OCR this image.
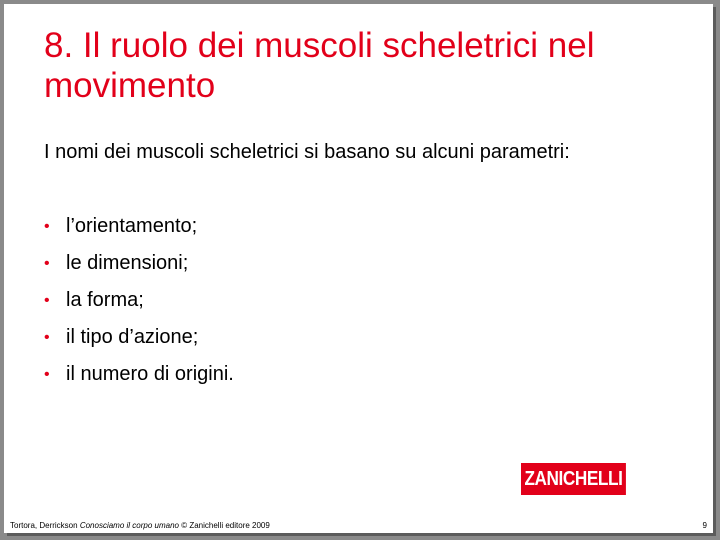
8. Il ruolo dei muscoli scheletrici nel movimento

I nomi dei muscoli scheletrici si basano su alcuni parametri:

• l’orientamento;
• le dimensioni;
• la forma;
• il tipo d’azione;
• il numero di origini.
ZANICHELLI
Tortora, Derrickson Conosciamo il corpo umano © Zanichelli editore 2009	9
